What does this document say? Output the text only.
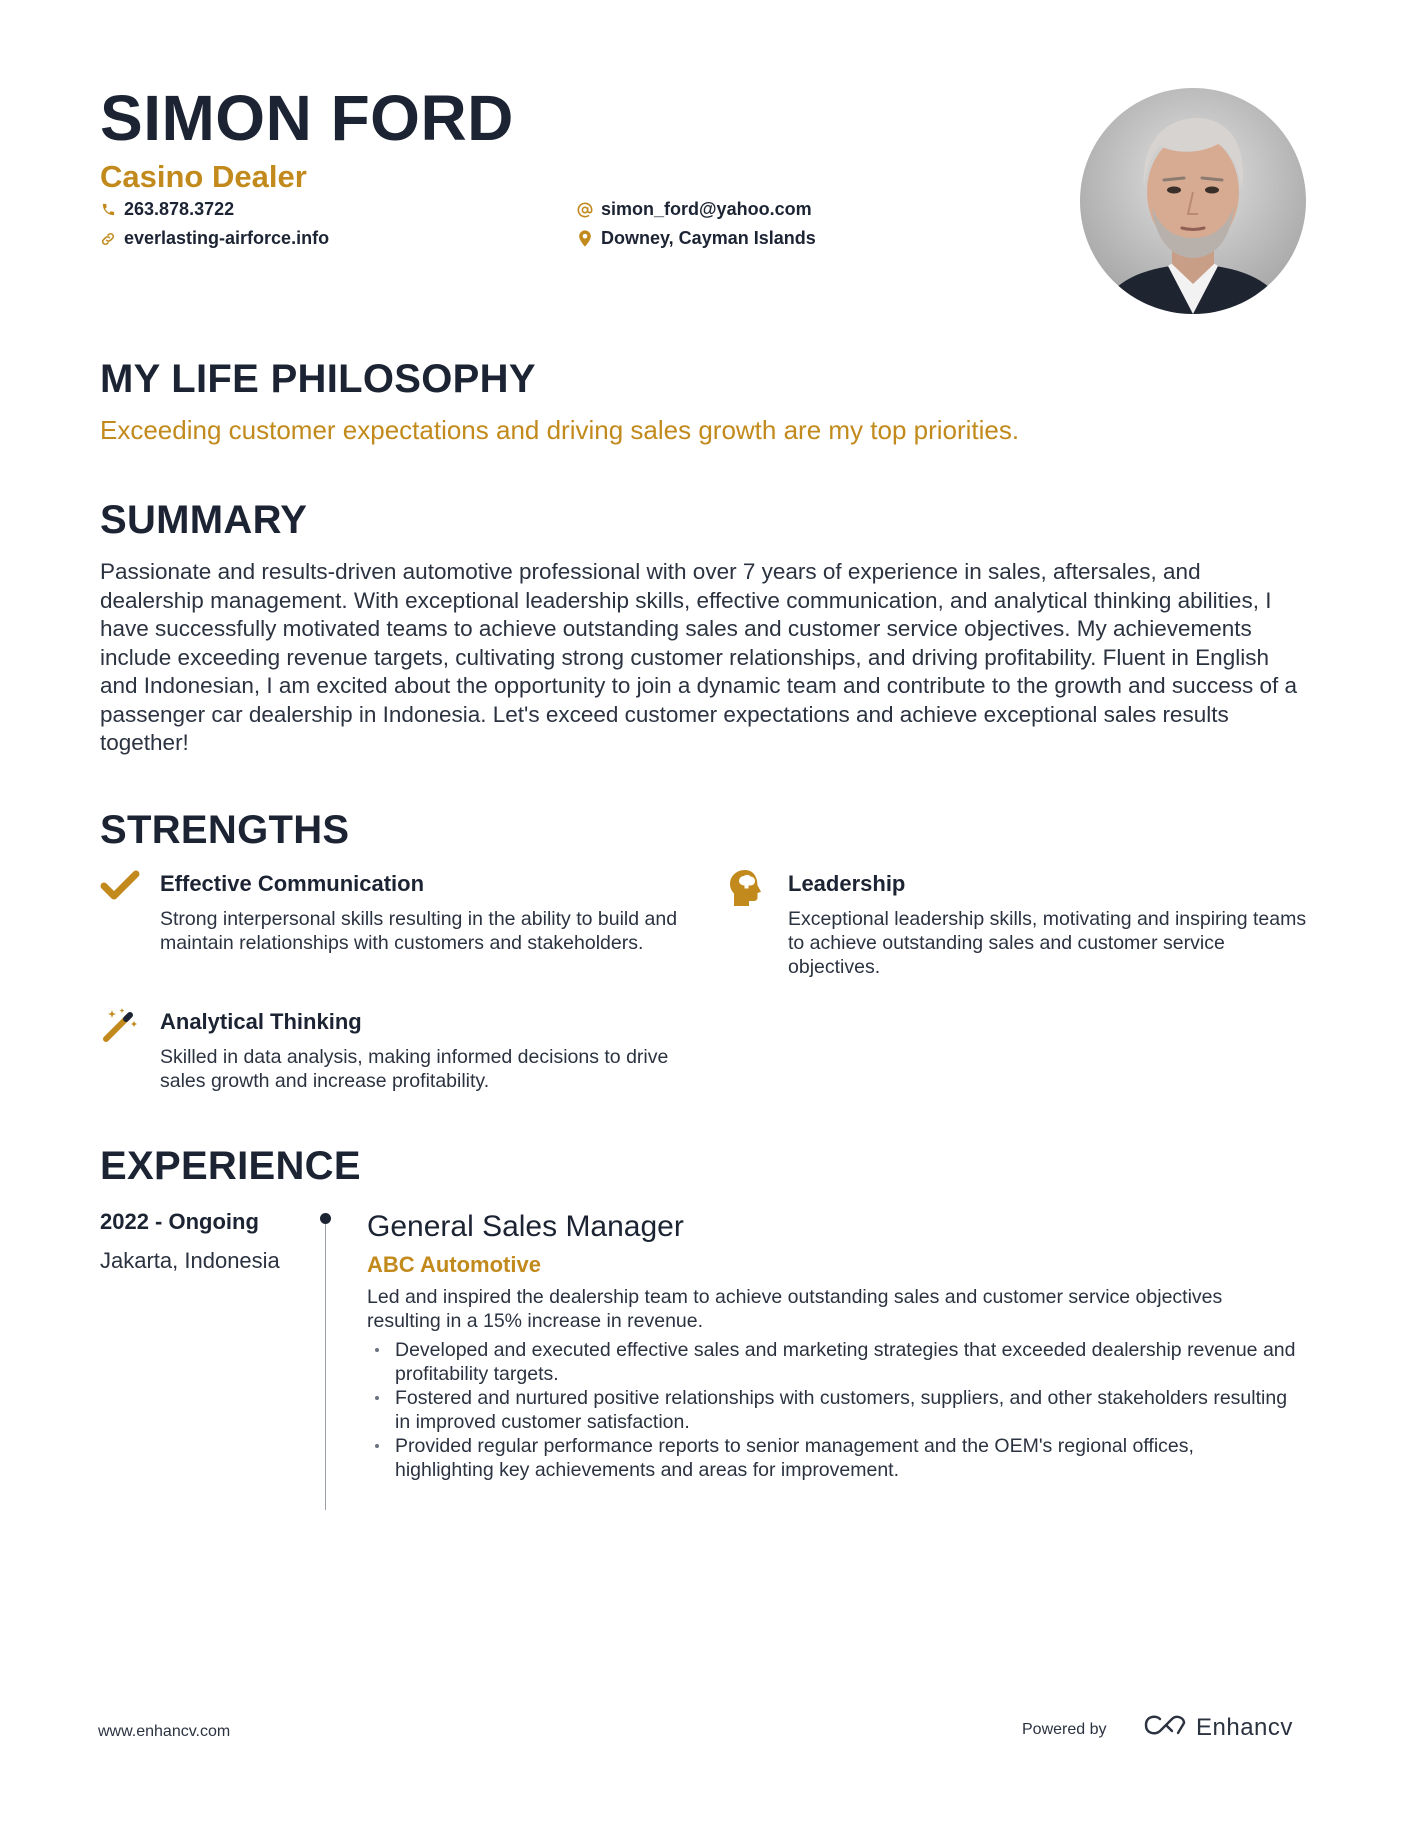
SIMON FORD
Casino Dealer
263.878.3722
everlasting-airforce.info
simon_ford@yahoo.com
Downey, Cayman Islands
MY LIFE PHILOSOPHY
Exceeding customer expectations and driving sales growth are my top priorities.
SUMMARY
Passionate and results-driven automotive professional with over 7 years of experience in sales, aftersales, and dealership management. With exceptional leadership skills, effective communication, and analytical thinking abilities, I have successfully motivated teams to achieve outstanding sales and customer service objectives. My achievements include exceeding revenue targets, cultivating strong customer relationships, and driving profitability. Fluent in English and Indonesian, I am excited about the opportunity to join a dynamic team and contribute to the growth and success of a passenger car dealership in Indonesia. Let's exceed customer expectations and achieve exceptional sales results together!
STRENGTHS
Effective Communication
Strong interpersonal skills resulting in the ability to build and maintain relationships with customers and stakeholders.
Leadership
Exceptional leadership skills, motivating and inspiring teams to achieve outstanding sales and customer service objectives.
Analytical Thinking
Skilled in data analysis, making informed decisions to drive sales growth and increase profitability.
EXPERIENCE
2022 - Ongoing
Jakarta, Indonesia
General Sales Manager
ABC Automotive
Led and inspired the dealership team to achieve outstanding sales and customer service objectives resulting in a 15% increase in revenue.
Developed and executed effective sales and marketing strategies that exceeded dealership revenue and profitability targets.
Fostered and nurtured positive relationships with customers, suppliers, and other stakeholders resulting in improved customer satisfaction.
Provided regular performance reports to senior management and the OEM's regional offices, highlighting key achievements and areas for improvement.
www.enhancv.com	Powered by	Enhancv
